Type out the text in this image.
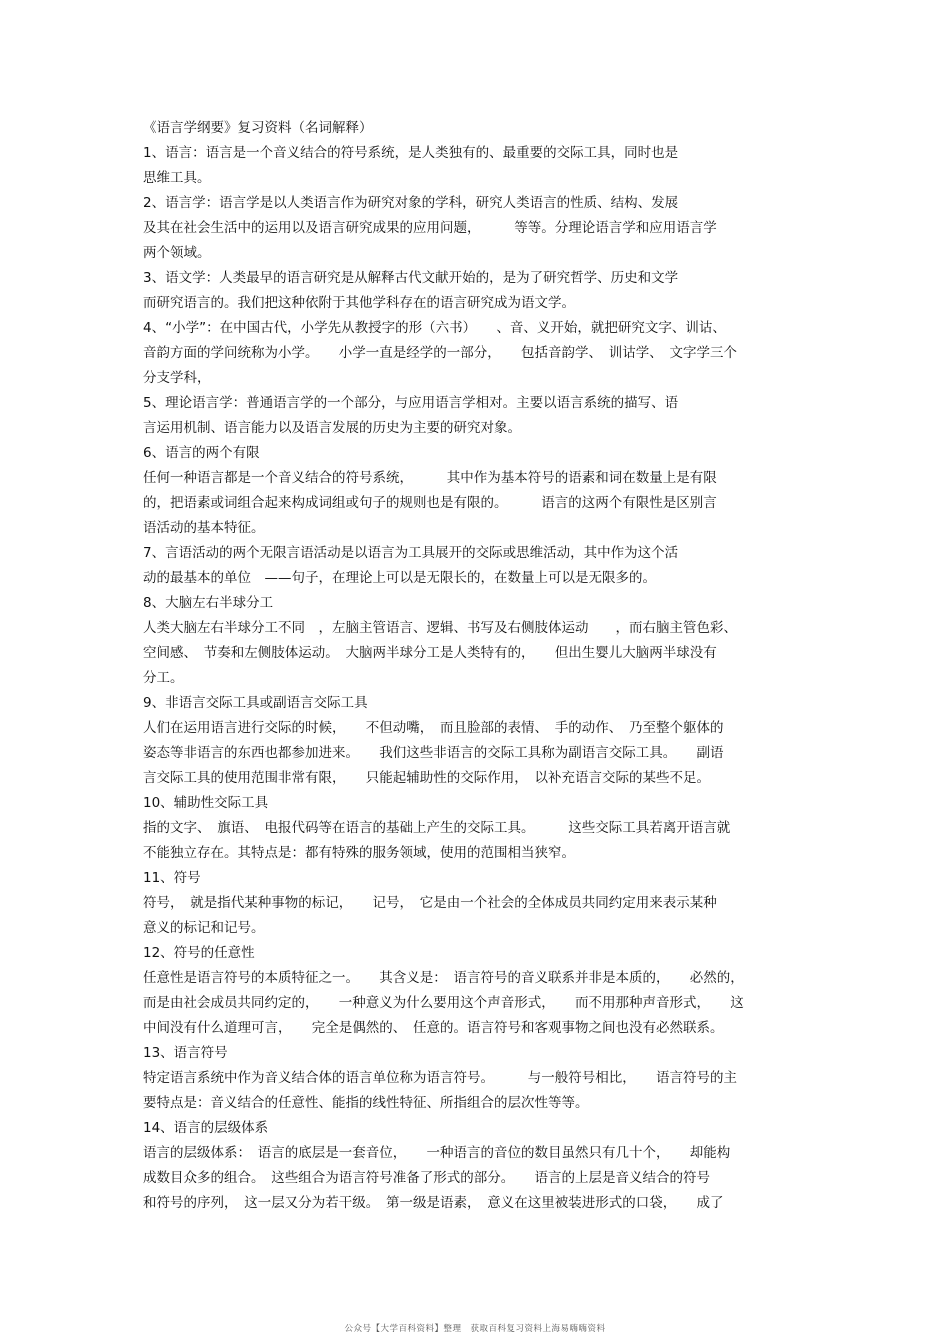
《语言学纲要》复习资料（名词解释）
1、语言：语言是一个音义结合的符号系统，是人类独有的、最重要的交际工具，同时也是
思维工具。
2、语言学：语言学是以人类语言作为研究对象的学科，研究人类语言的性质、结构、发展
及其在社会生活中的运用以及语言研究成果的应用问题，　　　等等。分理论语言学和应用语言学
两个领域。
3、语文学：人类最早的语言研究是从解释古代文献开始的，是为了研究哲学、历史和文学
而研究语言的。我们把这种依附于其他学科存在的语言研究成为语文学。
4、“小学”：在中国古代，小学先从教授字的形（六书）　　、音、义开始，就把研究文字、训诂、
音韵方面的学问统称为小学。　　小学一直是经学的一部分，　　包括音韵学、　训诂学、　文字学三个
分支学科，
5、理论语言学：普通语言学的一个部分，与应用语言学相对。主要以语言系统的描写、语
言运用机制、语言能力以及语言发展的历史为主要的研究对象。
6、语言的两个有限
任何一种语言都是一个音义结合的符号系统，　　　其中作为基本符号的语素和词在数量上是有限
的，把语素或词组合起来构成词组或句子的规则也是有限的。　　　语言的这两个有限性是区别言
语活动的基本特征。
7、言语活动的两个无限言语活动是以语言为工具展开的交际或思维活动，其中作为这个活
动的最基本的单位　——句子，在理论上可以是无限长的，在数量上可以是无限多的。
8、大脑左右半球分工
人类大脑左右半球分工不同　，左脑主管语言、逻辑、书写及右侧肢体运动　　，而右脑主管色彩、
空间感、　节奏和左侧肢体运动。　大脑两半球分工是人类特有的，　　但出生婴儿大脑两半球没有
分工。
9、非语言交际工具或副语言交际工具
人们在运用语言进行交际的时候，　　不但动嘴，　而且脸部的表情、　手的动作、　乃至整个躯体的
姿态等非语言的东西也都参加进来。　　我们这些非语言的交际工具称为副语言交际工具。　　副语
言交际工具的使用范围非常有限，　　只能起辅助性的交际作用，　以补充语言交际的某些不足。
10、辅助性交际工具
指的文字、　旗语、　电报代码等在语言的基础上产生的交际工具。　　　这些交际工具若离开语言就
不能独立存在。其特点是：都有特殊的服务领域，使用的范围相当狭窄。
11、符号
符号，　就是指代某种事物的标记，　　记号，　它是由一个社会的全体成员共同约定用来表示某种
意义的标记和记号。
12、符号的任意性
任意性是语言符号的本质特征之一。　　其含义是：　语言符号的音义联系并非是本质的，　　必然的，
而是由社会成员共同约定的，　　一种意义为什么要用这个声音形式，　　而不用那种声音形式，　　这
中间没有什么道理可言，　　完全是偶然的、　任意的。语言符号和客观事物之间也没有必然联系。
13、语言符号
特定语言系统中作为音义结合体的语言单位称为语言符号。　　　与一般符号相比，　　语言符号的主
要特点是：音义结合的任意性、能指的线性特征、所指组合的层次性等等。
14、语言的层级体系
语言的层级体系：　语言的底层是一套音位，　　一种语言的音位的数目虽然只有几十个，　　却能构
成数目众多的组合。　这些组合为语言符号准备了形式的部分。　　语言的上层是音义结合的符号
和符号的序列，　这一层又分为若干级。　第一级是语素，　意义在这里被装进形式的口袋，　　成了
公众号【大学百科资料】整理　获取百科复习资料上海易嗨嗨资料
